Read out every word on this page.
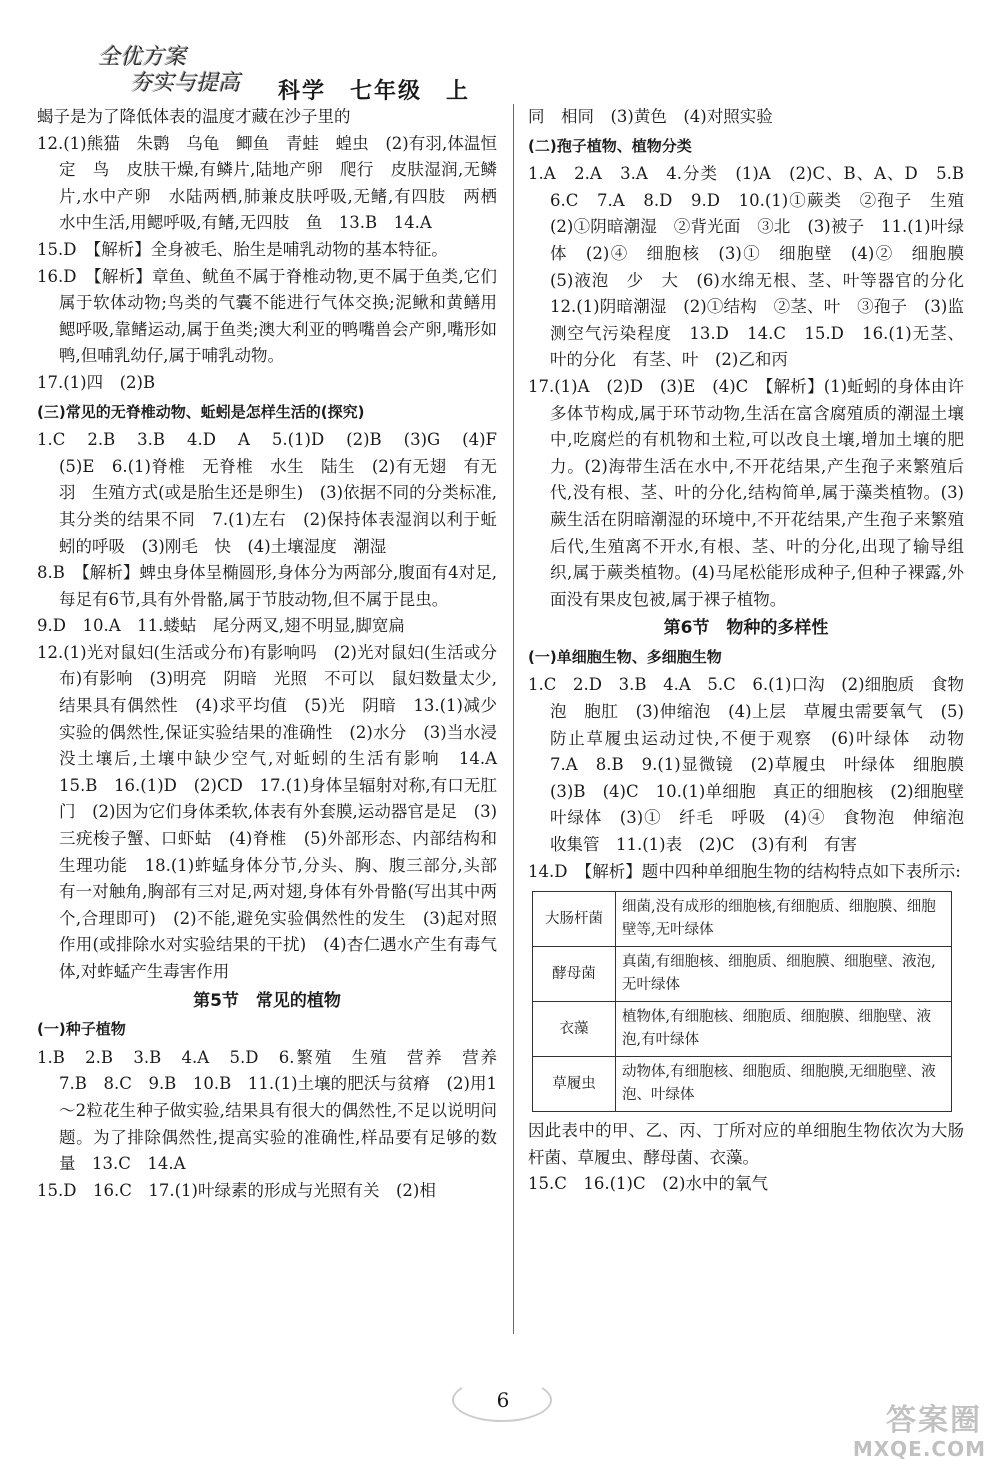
全优方案
夯实与提高 科学　七年级　上
蝎子是为了降低体表的温度才藏在沙子里的
12.(1)熊猫　朱鹮　乌龟　鲫鱼　青蛙　蝗虫　(2)有羽,体温恒定　鸟　皮肤干燥,有鳞片,陆地产卵　爬行　皮肤湿润,无鳞片,水中产卵　水陆两栖,肺兼皮肤呼吸,无鳍,有四肢　两栖　水中生活,用鳃呼吸,有鳍,无四肢　鱼　13.B　14.A
15.D　【解析】全身被毛、胎生是哺乳动物的基本特征。
16.D　【解析】章鱼、鱿鱼不属于脊椎动物,更不属于鱼类,它们属于软体动物;鸟类的气囊不能进行气体交换;泥鳅和黄鳝用鳃呼吸,靠鳍运动,属于鱼类;澳大利亚的鸭嘴兽会产卵,嘴形如鸭,但哺乳幼仔,属于哺乳动物。
17.(1)四　(2)B
(三)常见的无脊椎动物、蚯蚓是怎样生活的(探究)
1.C　2.B　3.B　4.D　A　5.(1)D　(2)B　(3)G　(4)F　(5)E　6.(1)脊椎　无脊椎　水生　陆生　(2)有无翅　有无羽　生殖方式(或是胎生还是卵生)　(3)依据不同的分类标准,其分类的结果不同　7.(1)左右　(2)保持体表湿润以利于蚯蚓的呼吸　(3)刚毛　快　(4)土壤湿度　潮湿
8.B　【解析】蜱虫身体呈椭圆形,身体分为两部分,腹面有4对足,每足有6节,具有外骨骼,属于节肢动物,但不属于昆虫。
9.D　10.A　11.蝼蛄　尾分两叉,翅不明显,脚宽扁
12.(1)光对鼠妇(生活或分布)有影响吗　(2)光对鼠妇(生活或分布)有影响　(3)明亮　阴暗　光照　不可以　鼠妇数量太少,结果具有偶然性　(4)求平均值　(5)光　阴暗　13.(1)减少实验的偶然性,保证实验结果的准确性　(2)水分　(3)当水浸没土壤后,土壤中缺少空气,对蚯蚓的生活有影响　14.A　15.B　16.(1)D　(2)CD　17.(1)身体呈辐射对称,有口无肛门　(2)因为它们身体柔软,体表有外套膜,运动器官是足　(3)三疣梭子蟹、口虾蛄　(4)脊椎　(5)外部形态、内部结构和生理功能　18.(1)蚱蜢身体分节,分头、胸、腹三部分,头部有一对触角,胸部有三对足,两对翅,身体有外骨骼(写出其中两个,合理即可)　(2)不能,避免实验偶然性的发生　(3)起对照作用(或排除水对实验结果的干扰)　(4)杏仁遇水产生有毒气体,对蚱蜢产生毒害作用
第5节　常见的植物
(一)种子植物
1.B　2.B　3.B　4.A　5.D　6.繁殖　生殖　营养　营养　7.B　8.C　9.B　10.B　11.(1)土壤的肥沃与贫瘠　(2)用1～2粒花生种子做实验,结果具有很大的偶然性,不足以说明问题。为了排除偶然性,提高实验的准确性,样品要有足够的数量　13.C　14.A
15.D　16.C　17.(1)叶绿素的形成与光照有关　(2)相
同　相同　(3)黄色　(4)对照实验
(二)孢子植物、植物分类
1.A　2.A　3.A　4.分类　(1)A　(2)C、B、A、D　5.B　6.C　7.A　8.D　9.D　10.(1)①蕨类　②孢子　生殖　(2)①阴暗潮湿　②背光面　③北　(3)被子　11.(1)叶绿体　(2)④　细胞核　(3)①　细胞壁　(4)②　细胞膜　(5)液泡　少　大　(6)水绵无根、茎、叶等器官的分化　12.(1)阴暗潮湿　(2)①结构　②茎、叶　③孢子　(3)监测空气污染程度　13.D　14.C　15.D　16.(1)无茎、叶的分化　有茎、叶　(2)乙和丙
17.(1)A　(2)D　(3)E　(4)C　【解析】(1)蚯蚓的身体由许多体节构成,属于环节动物,生活在富含腐殖质的潮湿土壤中,吃腐烂的有机物和土粒,可以改良土壤,增加土壤的肥力。(2)海带生活在水中,不开花结果,产生孢子来繁殖后代,没有根、茎、叶的分化,结构简单,属于藻类植物。(3)蕨生活在阴暗潮湿的环境中,不开花结果,产生孢子来繁殖后代,生殖离不开水,有根、茎、叶的分化,出现了输导组织,属于蕨类植物。(4)马尾松能形成种子,但种子裸露,外面没有果皮包被,属于裸子植物。
第6节　物种的多样性
(一)单细胞生物、多细胞生物
1.C　2.D　3.B　4.A　5.C　6.(1)口沟　(2)细胞质　食物泡　胞肛　(3)伸缩泡　(4)上层　草履虫需要氧气　(5)防止草履虫运动过快,不便于观察　(6)叶绿体　动物　7.A　8.B　9.(1)显微镜　(2)草履虫　叶绿体　细胞膜　(3)B　(4)C　10.(1)单细胞　真正的细胞核　(2)细胞壁　叶绿体　(3)①　纤毛　呼吸　(4)④　食物泡　伸缩泡　收集管　11.(1)表　(2)C　(3)有利　有害
14.D　【解析】题中四种单细胞生物的结构特点如下表所示:
大肠杆菌	细菌,没有成形的细胞核,有细胞质、细胞膜、细胞壁等,无叶绿体
酵母菌	真菌,有细胞核、细胞质、细胞膜、细胞壁、液泡,无叶绿体
衣藻	植物体,有细胞核、细胞质、细胞膜、细胞壁、液泡,有叶绿体
草履虫	动物体,有细胞核、细胞质、细胞膜,无细胞壁、液泡、叶绿体
因此表中的甲、乙、丙、丁所对应的单细胞生物依次为大肠杆菌、草履虫、酵母菌、衣藻。
15.C　16.(1)C　(2)水中的氧气
6
答案圈
MXQE.COM
